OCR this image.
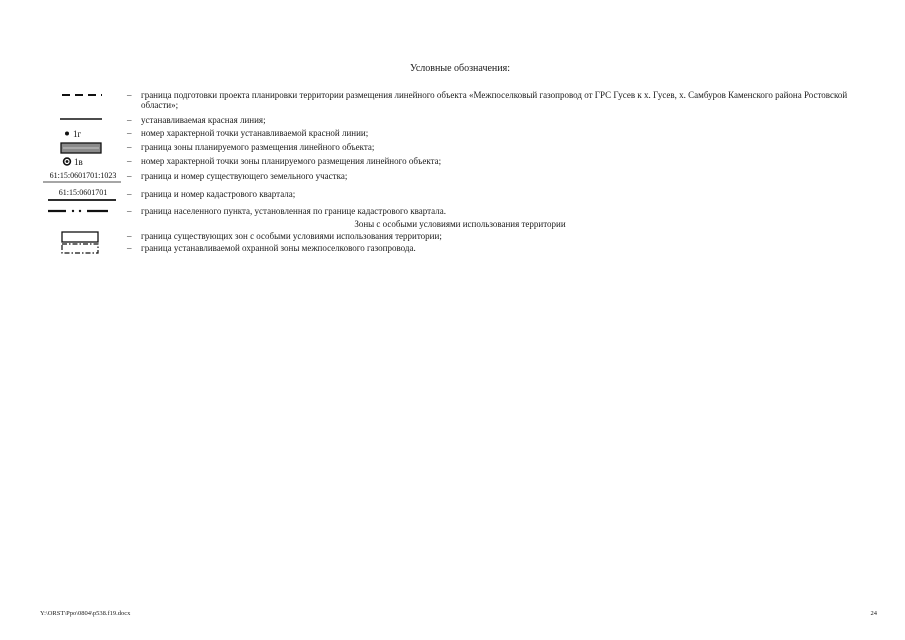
Условные обозначения:
– граница подготовки проекта планировки территории размещения линейного объекта «Межпоселковый газопровод от ГРС Гусев к х. Гусев, х. Самбуров Каменского района Ростовской области»;
– устанавливаемая красная линия;
1г	– номер характерной точки устанавливаемой красной линии;
– граница зоны планируемого размещения линейного объекта;
1в	– номер характерной точки зоны планируемого размещения линейного объекта;
61:15:0601701:1023 – граница и номер существующего земельного участка;
61:15:0601701 – граница и номер кадастрового квартала;
– граница населенного пункта, установленная по границе кадастрового квартала.
Зоны с особыми условиями использования территории
– граница существующих зон с особыми условиями использования территории;
– граница устанавливаемой охранной зоны межпоселкового газопровода.
Y:\ORST\Ppo\0804\p538.f19.docx	24
